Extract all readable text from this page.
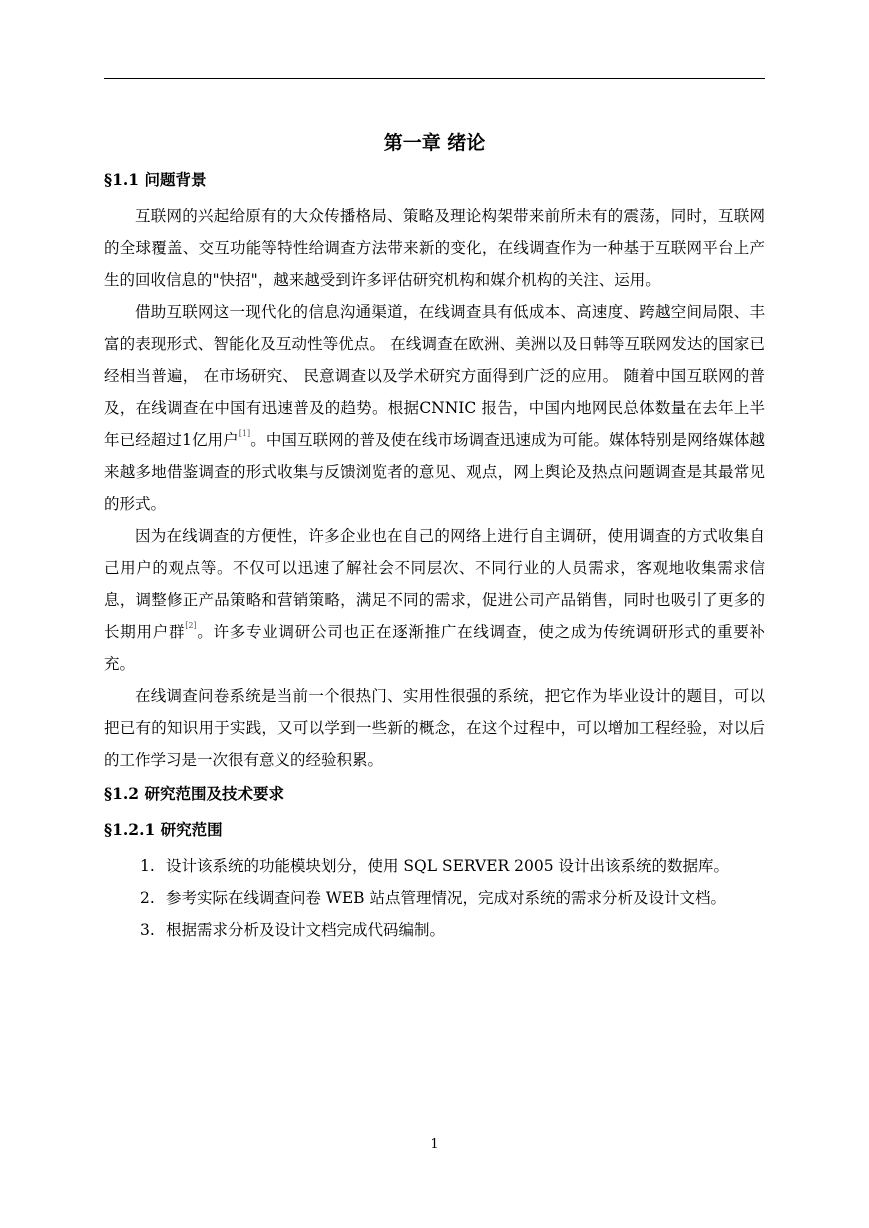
第一章 绪论
§1.1 问题背景

互联网的兴起给原有的大众传播格局、策略及理论构架带来前所未有的震荡，同时，互联网的全球覆盖、交互功能等特性给调查方法带来新的变化，在线调查作为一种基于互联网平台上产生的回收信息的"快招"，越来越受到许多评估研究机构和媒介机构的关注、运用。

借助互联网这一现代化的信息沟通渠道，在线调查具有低成本、高速度、跨越空间局限、丰富的表现形式、智能化及互动性等优点。 在线调查在欧洲、美洲以及日韩等互联网发达的国家已经相当普遍， 在市场研究、 民意调查以及学术研究方面得到广泛的应用。 随着中国互联网的普及，在线调查在中国有迅速普及的趋势。根据CNNIC 报告，中国内地网民总体数量在去年上半年已经超过1亿用户[1]。中国互联网的普及使在线市场调查迅速成为可能。媒体特别是网络媒体越来越多地借鉴调查的形式收集与反馈浏览者的意见、观点，网上舆论及热点问题调查是其最常见的形式。

因为在线调查的方便性，许多企业也在自己的网络上进行自主调研，使用调查的方式收集自己用户的观点等。不仅可以迅速了解社会不同层次、不同行业的人员需求，客观地收集需求信息，调整修正产品策略和营销策略，满足不同的需求，促进公司产品销售，同时也吸引了更多的长期用户群[2]。许多专业调研公司也正在逐渐推广在线调查，使之成为传统调研形式的重要补充。

在线调查问卷系统是当前一个很热门、实用性很强的系统，把它作为毕业设计的题目，可以把已有的知识用于实践，又可以学到一些新的概念，在这个过程中，可以增加工程经验，对以后的工作学习是一次很有意义的经验积累。

§1.2 研究范围及技术要求
§1.2.1 研究范围
1. 设计该系统的功能模块划分，使用 SQL SERVER 2005 设计出该系统的数据库。
2. 参考实际在线调查问卷 WEB 站点管理情况，完成对系统的需求分析及设计文档。
3. 根据需求分析及设计文档完成代码编制。
1
